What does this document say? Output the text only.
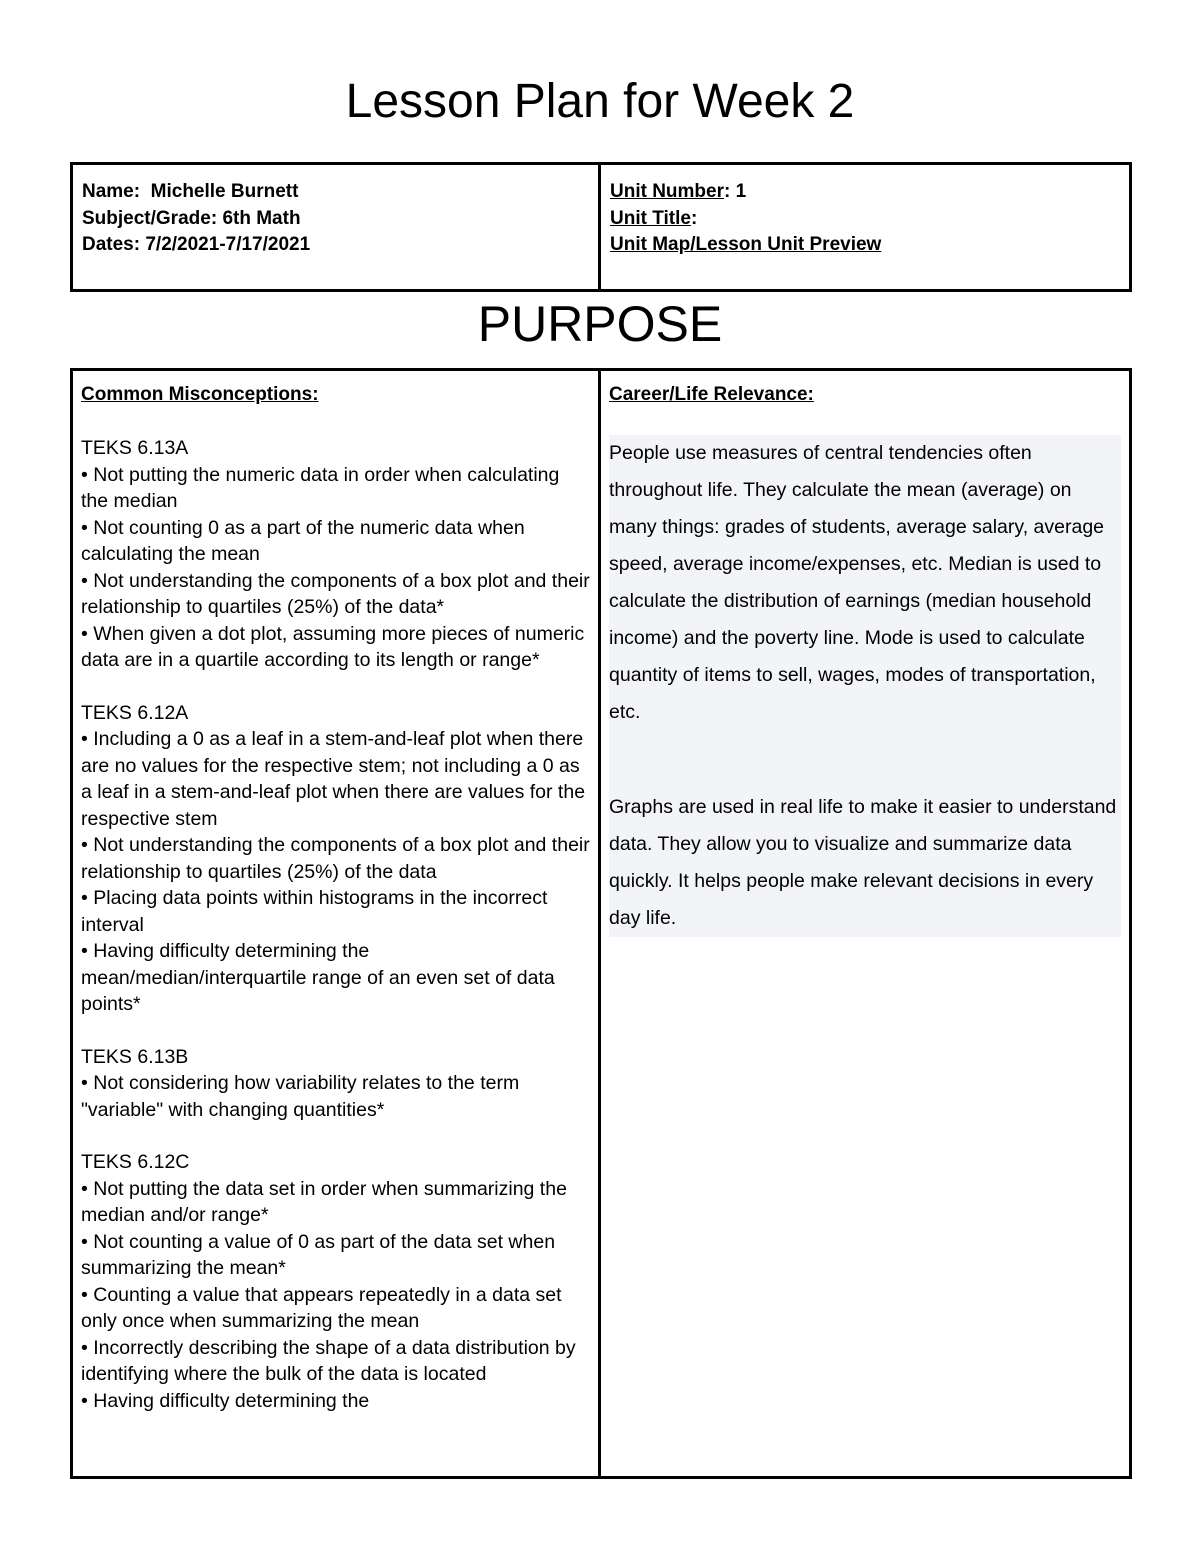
Lesson Plan for Week 2
Name: Michelle Burnett
Subject/Grade: 6th Math
Dates: 7/2/2021-7/17/2021
Unit Number: 1
Unit Title:
Unit Map/Lesson Unit Preview
PURPOSE
Common Misconceptions:
TEKS 6.13A
• Not putting the numeric data in order when calculating the median
• Not counting 0 as a part of the numeric data when calculating the mean
• Not understanding the components of a box plot and their relationship to quartiles (25%) of the data*
• When given a dot plot, assuming more pieces of numeric data are in a quartile according to its length or range*
TEKS 6.12A
• Including a 0 as a leaf in a stem-and-leaf plot when there are no values for the respective stem; not including a 0 as a leaf in a stem-and-leaf plot when there are values for the respective stem
• Not understanding the components of a box plot and their relationship to quartiles (25%) of the data
• Placing data points within histograms in the incorrect interval
• Having difficulty determining the mean/median/interquartile range of an even set of data points*
TEKS 6.13B
• Not considering how variability relates to the term "variable" with changing quantities*
TEKS 6.12C
• Not putting the data set in order when summarizing the median and/or range*
• Not counting a value of 0 as part of the data set when summarizing the mean*
• Counting a value that appears repeatedly in a data set only once when summarizing the mean
• Incorrectly describing the shape of a data distribution by identifying where the bulk of the data is located
• Having difficulty determining the
Career/Life Relevance:

People use measures of central tendencies often throughout life. They calculate the mean (average) on many things: grades of students, average salary, average speed, average income/expenses, etc. Median is used to calculate the distribution of earnings (median household income) and the poverty line. Mode is used to calculate quantity of items to sell, wages, modes of transportation, etc.

Graphs are used in real life to make it easier to understand data. They allow you to visualize and summarize data quickly. It helps people make relevant decisions in every day life.
